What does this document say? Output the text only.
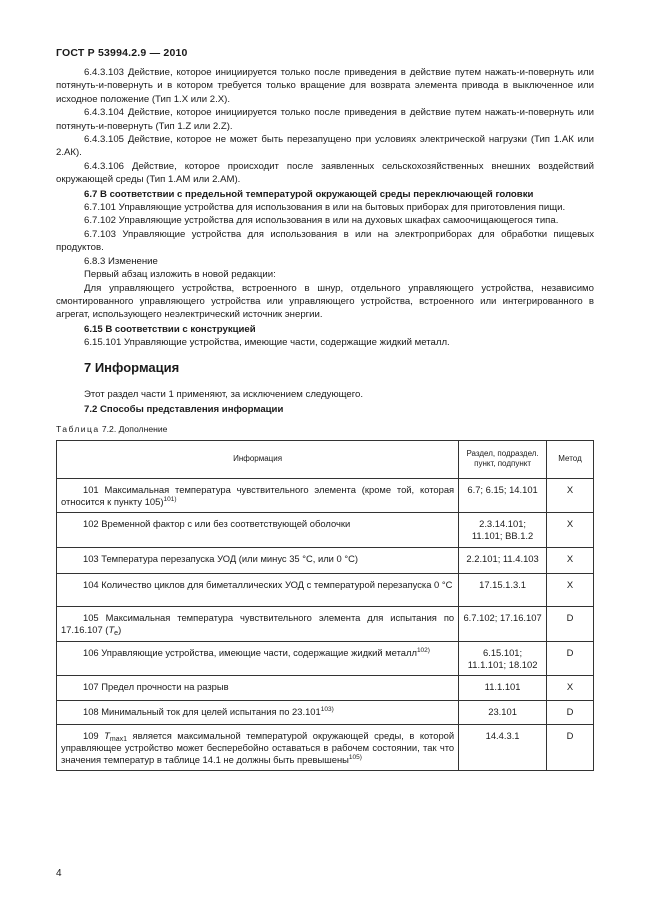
ГОСТ Р 53994.2.9 — 2010

6.4.3.103 Действие, которое инициируется только после приведения в действие путем нажать-и-повернуть или потянуть-и-повернуть и в котором требуется только вращение для возврата элемента привода в выключенное или исходное положение (Тип 1.Х или 2.Х).

6.4.3.104 Действие, которое инициируется только после приведения в действие путем нажать-и-повернуть или потянуть-и-повернуть (Тип 1.Z или 2.Z).

6.4.3.105 Действие, которое не может быть перезапущено при условиях электрической нагрузки (Тип 1.АК или 2.АК).

6.4.3.106 Действие, которое происходит после заявленных сельскохозяйственных внешних воздействий окружающей среды (Тип 1.АМ или 2.АМ).

6.7 В соответствии с предельной температурой окружающей среды переключающей головки

6.7.101 Управляющие устройства для использования в или на бытовых приборах для приготовления пищи.

6.7.102 Управляющие устройства для использования в или на духовых шкафах самоочищающегося типа.

6.7.103 Управляющие устройства для использования в или на электроприборах для обработки пищевых продуктов.

6.8.3 Изменение

Первый абзац изложить в новой редакции:

Для управляющего устройства, встроенного в шнур, отдельного управляющего устройства, независимо смонтированного управляющего устройства или управляющего устройства, встроенного или интегрированного в агрегат, использующего неэлектрический источник энергии.

6.15 В соответствии с конструкцией

6.15.101 Управляющие устройства, имеющие части, содержащие жидкий металл.

7 Информация

Этот раздел части 1 применяют, за исключением следующего.

7.2 Способы представления информации

Таблица 7.2. Дополнение

Информация	Раздел, подраздел. пункт, подпункт	Метод
101 Максимальная температура чувствительного элемента (кроме той, которая относится к пункту 105)$^{101)}$	6.7; 6.15; 14.101	X
102 Временной фактор с или без соответствующей оболочки	2.3.14.101; 11.101; ВВ.1.2	X
103 Температура перезапуска УОД (или минус 35 °С, или 0 °С)	2.2.101; 11.4.103	X
104 Количество циклов для биметаллических УОД с температурой перезапуска 0 °С	17.15.1.3.1	X
105 Максимальная температура чувствительного элемента для испытания по 17.16.107 $(T_e)$	6.7.102; 17.16.107	D
106 Управляющие устройства, имеющие части, содержащие жидкий металл$^{102)}$	6.15.101; 11.1.101; 18.102	D
107 Предел прочности на разрыв	11.1.101	X
108 Минимальный ток для целей испытания по 23.101$^{103)}$	23.101	D
109 $T_{max1}$ является максимальной температурой окружающей среды, в которой управляющее устройство может бесперебойно оставаться в рабочем состоянии, так что значения температур в таблице 14.1 не должны быть превышены$^{105)}$	14.4.3.1	D
4
